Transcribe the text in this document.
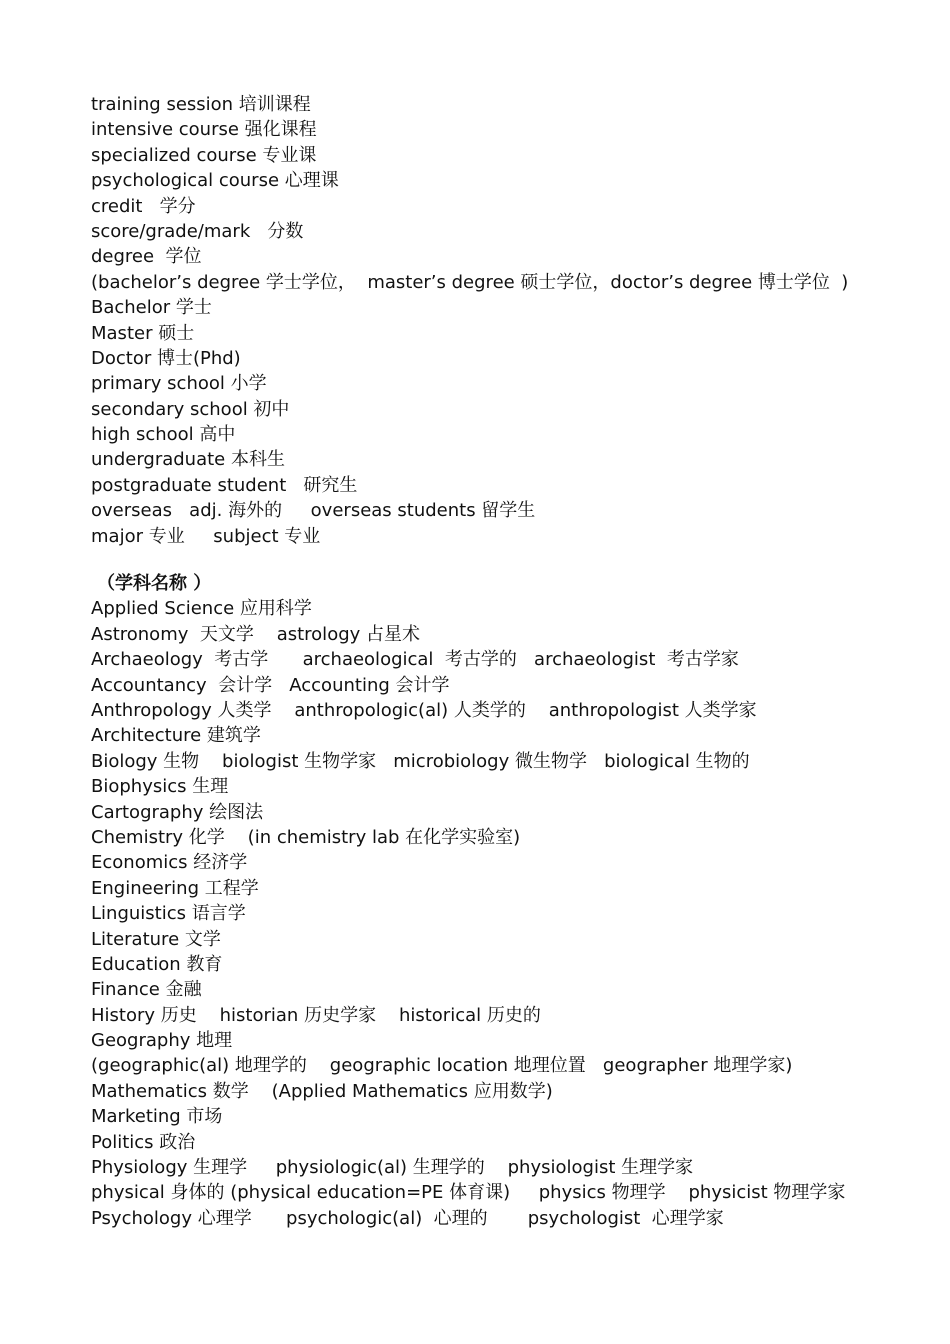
training session 培训课程
intensive course 强化课程
specialized course 专业课
psychological course 心理课
credit   学分
score/grade/mark   分数
degree  学位
(bachelor’s degree 学士学位，  master’s degree 硕士学位，doctor’s degree 博士学位  )
Bachelor 学士
Master 硕士
Doctor 博士(Phd)
primary school 小学
secondary school 初中
high school 高中
undergraduate 本科生
postgraduate student   研究生
overseas   adj. 海外的     overseas students 留学生
major 专业     subject 专业
（学科名称 ）
Applied Science 应用科学
Astronomy  天文学    astrology 占星术
Archaeology  考古学      archaeological  考古学的   archaeologist  考古学家
Accountancy  会计学   Accounting 会计学
Anthropology 人类学    anthropologic(al) 人类学的    anthropologist 人类学家
Architecture 建筑学
Biology 生物    biologist 生物学家   microbiology 微生物学   biological 生物的
Biophysics 生理
Cartography 绘图法
Chemistry 化学    (in chemistry lab 在化学实验室)
Economics 经济学
Engineering 工程学
Linguistics 语言学
Literature 文学
Education 教育
Finance 金融
History 历史    historian 历史学家    historical 历史的
Geography 地理
(geographic(al) 地理学的    geographic location 地理位置   geographer 地理学家)
Mathematics 数学    (Applied Mathematics 应用数学)
Marketing 市场
Politics 政治
Physiology 生理学     physiologic(al) 生理学的    physiologist 生理学家
physical 身体的 (physical education=PE 体育课)     physics 物理学    physicist 物理学家
Psychology 心理学      psychologic(al)  心理的       psychologist  心理学家
